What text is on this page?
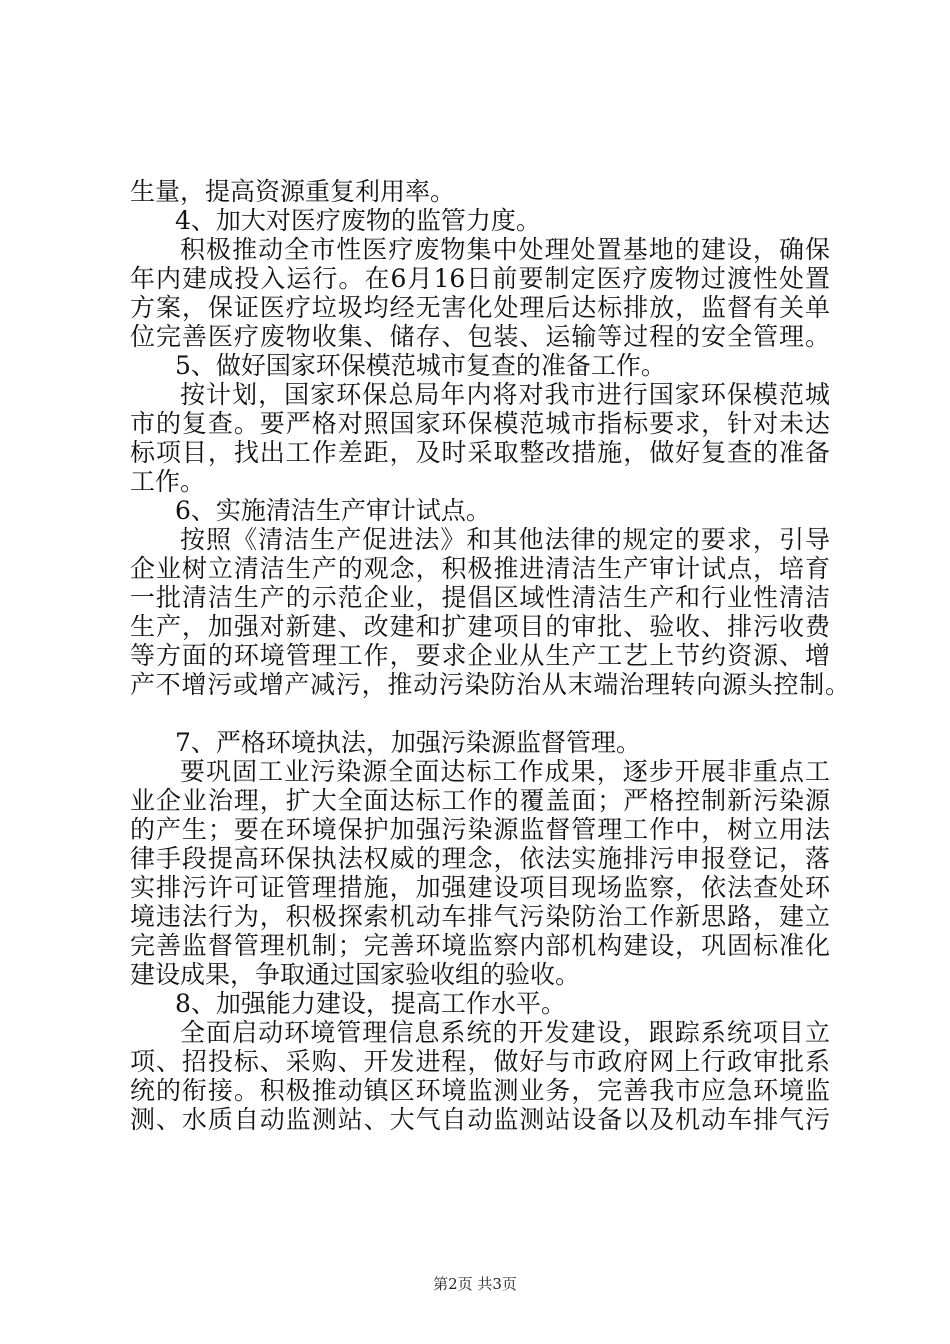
生量，提高资源重复利用率。
4、加大对医疗废物的监管力度。
积极推动全市性医疗废物集中处理处置基地的建设，确保
年内建成投入运行。在6月16日前要制定医疗废物过渡性处置
方案，保证医疗垃圾均经无害化处理后达标排放，监督有关单
位完善医疗废物收集、储存、包装、运输等过程的安全管理。
5、做好国家环保模范城市复查的准备工作。
按计划，国家环保总局年内将对我市进行国家环保模范城
市的复查。要严格对照国家环保模范城市指标要求，针对未达
标项目，找出工作差距，及时采取整改措施，做好复查的准备
工作。
6、实施清洁生产审计试点。
按照《清洁生产促进法》和其他法律的规定的要求，引导
企业树立清洁生产的观念，积极推进清洁生产审计试点，培育
一批清洁生产的示范企业，提倡区域性清洁生产和行业性清洁
生产，加强对新建、改建和扩建项目的审批、验收、排污收费
等方面的环境管理工作，要求企业从生产工艺上节约资源、增
产不增污或增产减污，推动污染防治从末端治理转向源头控制。
7、严格环境执法，加强污染源监督管理。
要巩固工业污染源全面达标工作成果，逐步开展非重点工
业企业治理，扩大全面达标工作的覆盖面；严格控制新污染源
的产生；要在环境保护加强污染源监督管理工作中，树立用法
律手段提高环保执法权威的理念，依法实施排污申报登记，落
实排污许可证管理措施，加强建设项目现场监察，依法查处环
境违法行为，积极探索机动车排气污染防治工作新思路，建立
完善监督管理机制；完善环境监察内部机构建设，巩固标准化
建设成果，争取通过国家验收组的验收。
8、加强能力建设，提高工作水平。
全面启动环境管理信息系统的开发建设，跟踪系统项目立
项、招投标、采购、开发进程，做好与市政府网上行政审批系
统的衔接。积极推动镇区环境监测业务，完善我市应急环境监
测、水质自动监测站、大气自动监测站设备以及机动车排气污
第2页 共3页
